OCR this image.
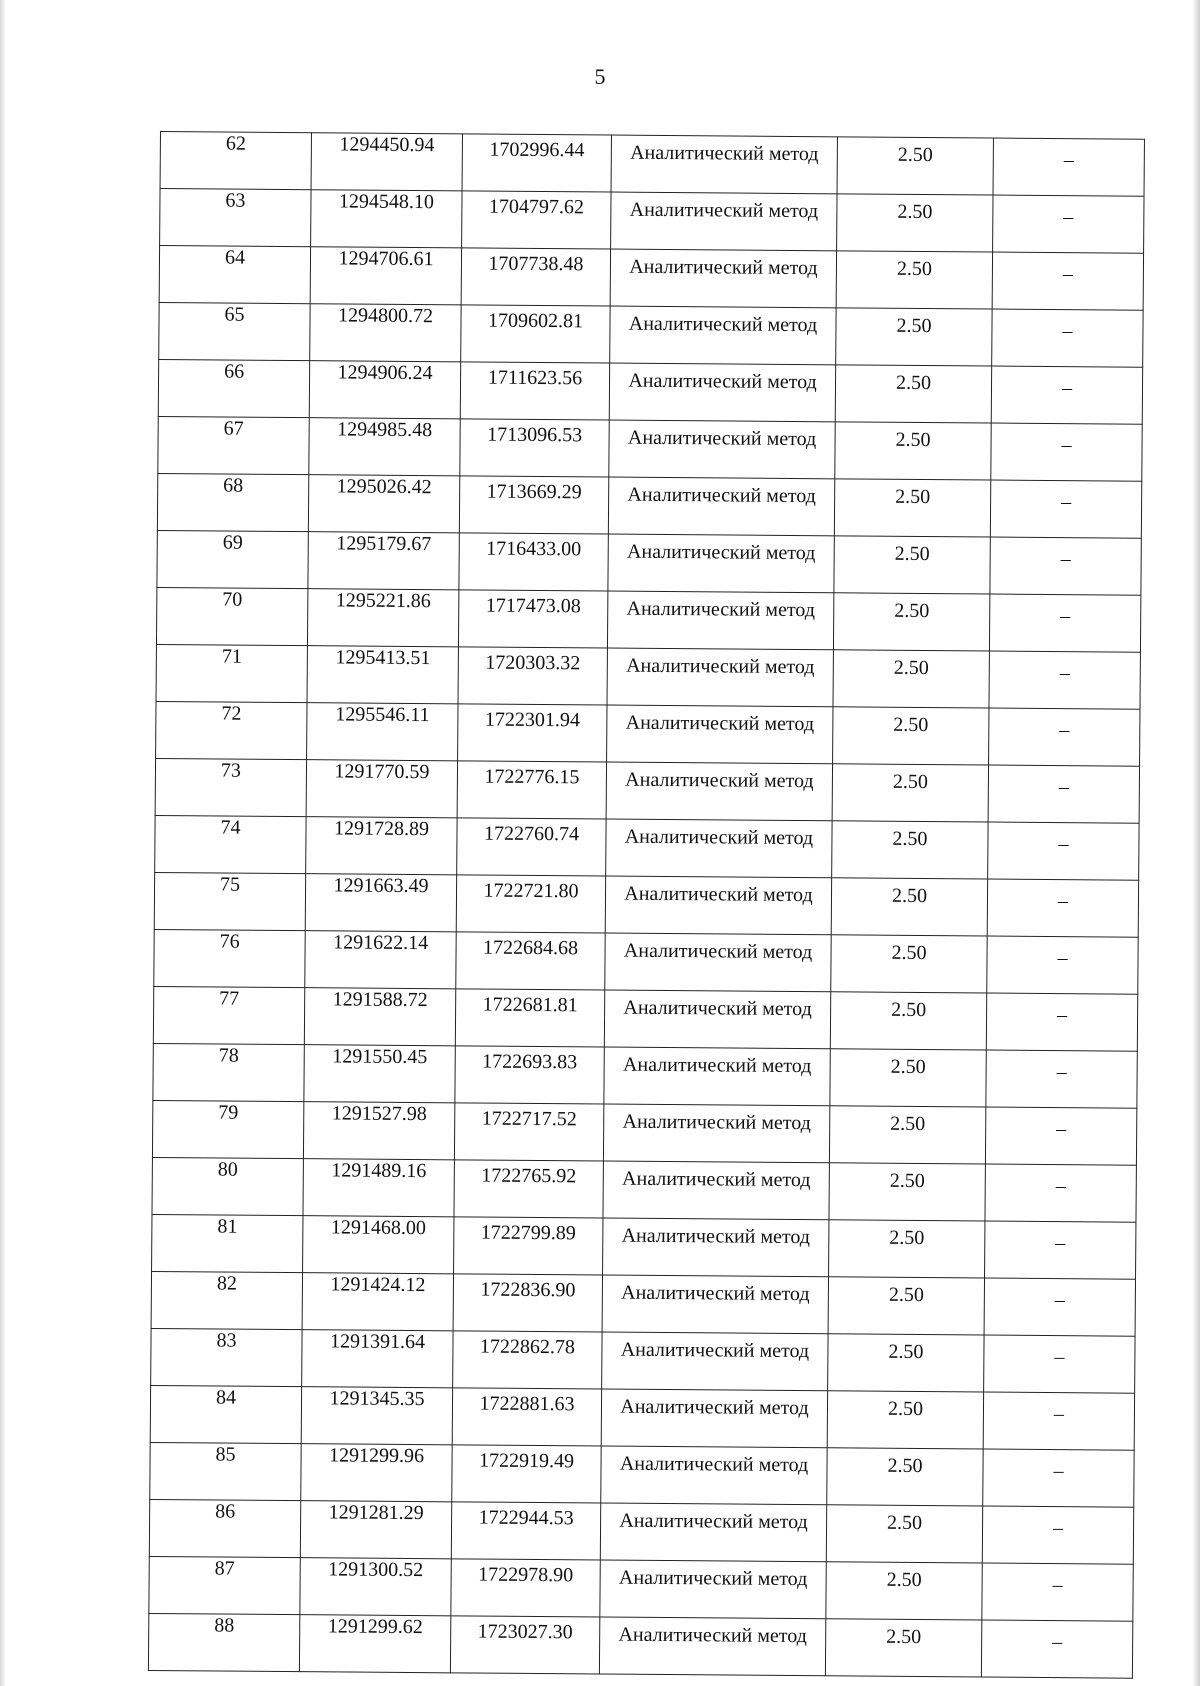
5
62	1294450.94	1702996.44	Аналитический метод	2.50	–
63	1294548.10	1704797.62	Аналитический метод	2.50	–
64	1294706.61	1707738.48	Аналитический метод	2.50	–
65	1294800.72	1709602.81	Аналитический метод	2.50	–
66	1294906.24	1711623.56	Аналитический метод	2.50	–
67	1294985.48	1713096.53	Аналитический метод	2.50	–
68	1295026.42	1713669.29	Аналитический метод	2.50	–
69	1295179.67	1716433.00	Аналитический метод	2.50	–
70	1295221.86	1717473.08	Аналитический метод	2.50	–
71	1295413.51	1720303.32	Аналитический метод	2.50	–
72	1295546.11	1722301.94	Аналитический метод	2.50	–
73	1291770.59	1722776.15	Аналитический метод	2.50	–
74	1291728.89	1722760.74	Аналитический метод	2.50	–
75	1291663.49	1722721.80	Аналитический метод	2.50	–
76	1291622.14	1722684.68	Аналитический метод	2.50	–
77	1291588.72	1722681.81	Аналитический метод	2.50	–
78	1291550.45	1722693.83	Аналитический метод	2.50	–
79	1291527.98	1722717.52	Аналитический метод	2.50	–
80	1291489.16	1722765.92	Аналитический метод	2.50	–
81	1291468.00	1722799.89	Аналитический метод	2.50	–
82	1291424.12	1722836.90	Аналитический метод	2.50	–
83	1291391.64	1722862.78	Аналитический метод	2.50	–
84	1291345.35	1722881.63	Аналитический метод	2.50	–
85	1291299.96	1722919.49	Аналитический метод	2.50	–
86	1291281.29	1722944.53	Аналитический метод	2.50	–
87	1291300.52	1722978.90	Аналитический метод	2.50	–
88	1291299.62	1723027.30	Аналитический метод	2.50	–
